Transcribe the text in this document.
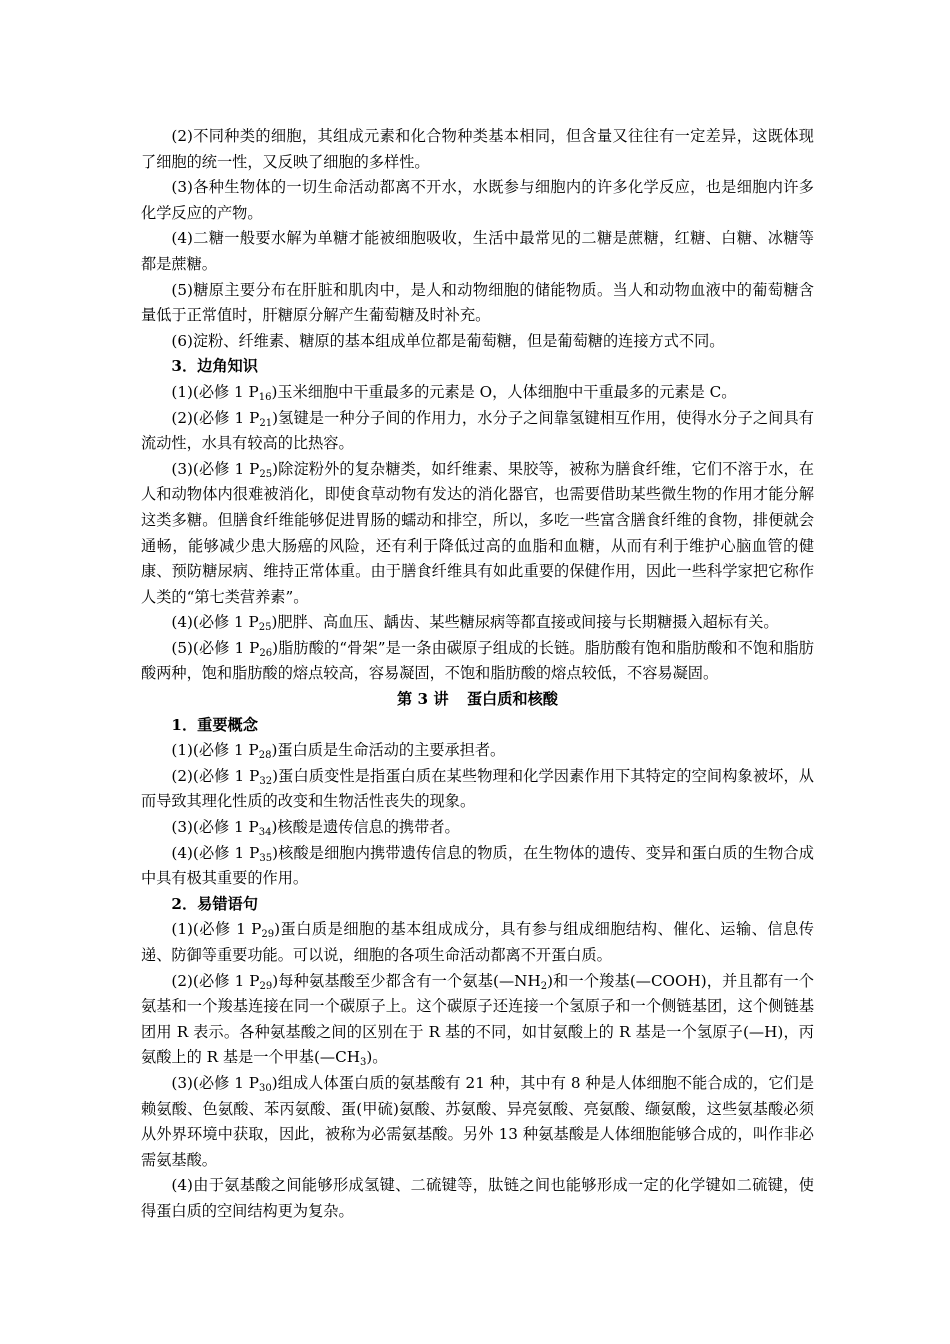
(2)不同种类的细胞，其组成元素和化合物种类基本相同，但含量又往往有一定差异，这既体现了细胞的统一性，又反映了细胞的多样性。

(3)各种生物体的一切生命活动都离不开水，水既参与细胞内的许多化学反应，也是细胞内许多化学反应的产物。

(4)二糖一般要水解为单糖才能被细胞吸收，生活中最常见的二糖是蔗糖，红糖、白糖、冰糖等都是蔗糖。

(5)糖原主要分布在肝脏和肌肉中，是人和动物细胞的储能物质。当人和动物血液中的葡萄糖含量低于正常值时，肝糖原分解产生葡萄糖及时补充。

(6)淀粉、纤维素、糖原的基本组成单位都是葡萄糖，但是葡萄糖的连接方式不同。

3．边角知识

(1)(必修 1 $P_{16}$)玉米细胞中干重最多的元素是 O，人体细胞中干重最多的元素是 C。

(2)(必修 1 $P_{21}$)氢键是一种分子间的作用力，水分子之间靠氢键相互作用，使得水分子之间具有流动性，水具有较高的比热容。

(3)(必修 1 $P_{25}$)除淀粉外的复杂糖类，如纤维素、果胶等，被称为膳食纤维，它们不溶于水，在人和动物体内很难被消化，即使食草动物有发达的消化器官，也需要借助某些微生物的作用才能分解这类多糖。但膳食纤维能够促进胃肠的蠕动和排空，所以，多吃一些富含膳食纤维的食物，排便就会通畅，能够减少患大肠癌的风险，还有利于降低过高的血脂和血糖，从而有利于维护心脑血管的健康、预防糖尿病、维持正常体重。由于膳食纤维具有如此重要的保健作用，因此一些科学家把它称作人类的“第七类营养素”。

(4)(必修 1 $P_{25}$)肥胖、高血压、龋齿、某些糖尿病等都直接或间接与长期糖摄入超标有关。

(5)(必修 1 $P_{26}$)脂肪酸的“骨架”是一条由碳原子组成的长链。脂肪酸有饱和脂肪酸和不饱和脂肪酸两种，饱和脂肪酸的熔点较高，容易凝固，不饱和脂肪酸的熔点较低，不容易凝固。

第 3 讲 蛋白质和核酸

1．重要概念

(1)(必修 1 $P_{28}$)蛋白质是生命活动的主要承担者。

(2)(必修 1 $P_{32}$)蛋白质变性是指蛋白质在某些物理和化学因素作用下其特定的空间构象被坏，从而导致其理化性质的改变和生物活性丧失的现象。

(3)(必修 1 $P_{34}$)核酸是遗传信息的携带者。

(4)(必修 1 $P_{35}$)核酸是细胞内携带遗传信息的物质，在生物体的遗传、变异和蛋白质的生物合成中具有极其重要的作用。

2．易错语句

(1)(必修 1 $P_{29}$)蛋白质是细胞的基本组成成分，具有参与组成细胞结构、催化、运输、信息传递、防御等重要功能。可以说，细胞的各项生命活动都离不开蛋白质。

(2)(必修 1 $P_{29}$)每种氨基酸至少都含有一个氨基$(—NH_2)$和一个羧基(—COOH)，并且都有一个氨基和一个羧基连接在同一个碳原子上。这个碳原子还连接一个氢原子和一个侧链基团，这个侧链基团用 R 表示。各种氨基酸之间的区别在于 R 基的不同，如甘氨酸上的 R 基是一个氢原子(—H)，丙氨酸上的 R 基是一个甲基$(—CH_3)$。

(3)(必修 1 $P_{30}$)组成人体蛋白质的氨基酸有 21 种，其中有 8 种是人体细胞不能合成的，它们是赖氨酸、色氨酸、苯丙氨酸、蛋(甲硫)氨酸、苏氨酸、异亮氨酸、亮氨酸、缬氨酸，这些氨基酸必须从外界环境中获取，因此，被称为必需氨基酸。另外 13 种氨基酸是人体细胞能够合成的，叫作非必需氨基酸。

(4)由于氨基酸之间能够形成氢键、二硫键等，肽链之间也能够形成一定的化学键如二硫键，使得蛋白质的空间结构更为复杂。
